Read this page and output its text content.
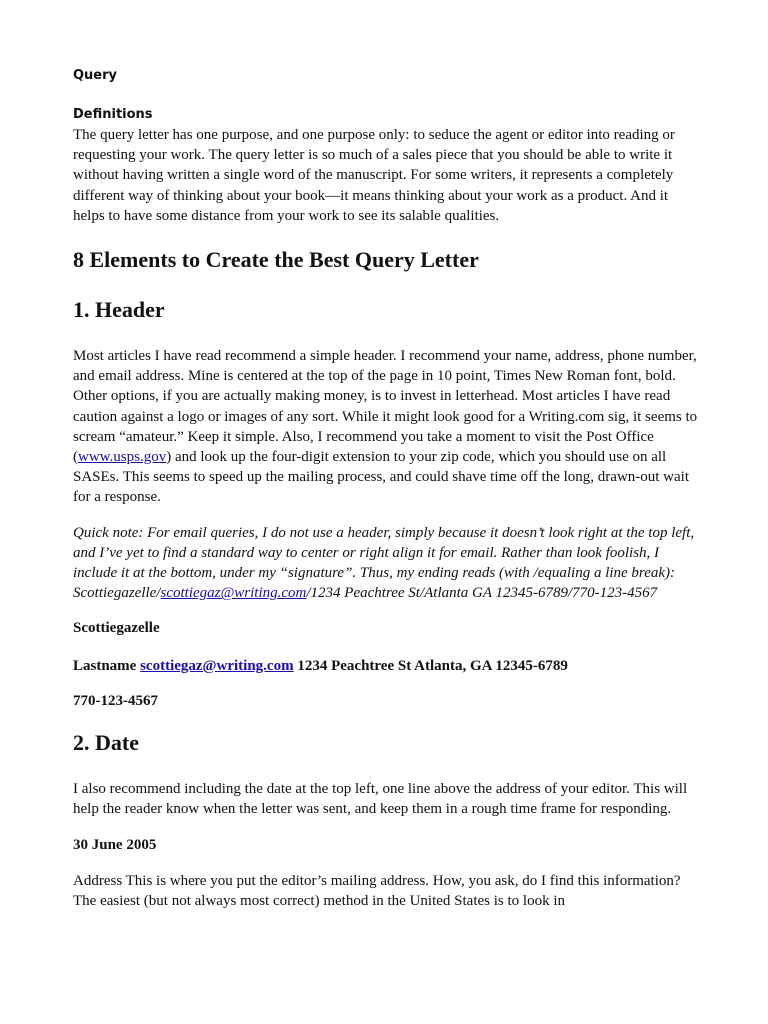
Query
Definitions

The query letter has one purpose, and one purpose only: to seduce the agent or editor into reading or requesting your work. The query letter is so much of a sales piece that you should be able to write it without having written a single word of the manuscript. For some writers, it represents a completely different way of thinking about your book—it means thinking about your work as a product. And it helps to have some distance from your work to see its salable qualities.

8 Elements to Create the Best Query Letter
1. Header

Most articles I have read recommend a simple header. I recommend your name, address, phone number, and email address. Mine is centered at the top of the page in 10 point, Times New Roman font, bold. Other options, if you are actually making money, is to invest in letterhead. Most articles I have read caution against a logo or images of any sort. While it might look good for a Writing.com sig, it seems to scream “amateur.” Keep it simple. Also, I recommend you take a moment to visit the Post Office (www.usps.gov) and look up the four-digit extension to your zip code, which you should use on all SASEs. This seems to speed up the mailing process, and could shave time off the long, drawn-out wait for a response.

Quick note: For email queries, I do not use a header, simply because it doesn’t look right at the top left, and I’ve yet to find a standard way to center or right align it for email. Rather than look foolish, I include it at the bottom, under my “signature”. Thus, my ending reads (with /equaling a line break): Scottiegazelle/scottiegaz@writing.com/1234 Peachtree St/Atlanta GA 12345-6789/770-123-4567

Scottiegazelle

Lastname scottiegaz@writing.com 1234 Peachtree St Atlanta, GA 12345-6789

770-123-4567

2. Date

I also recommend including the date at the top left, one line above the address of your editor. This will help the reader know when the letter was sent, and keep them in a rough time frame for responding.

30 June 2005

Address This is where you put the editor’s mailing address. How, you ask, do I find this information? The easiest (but not always most correct) method in the United States is to look in
